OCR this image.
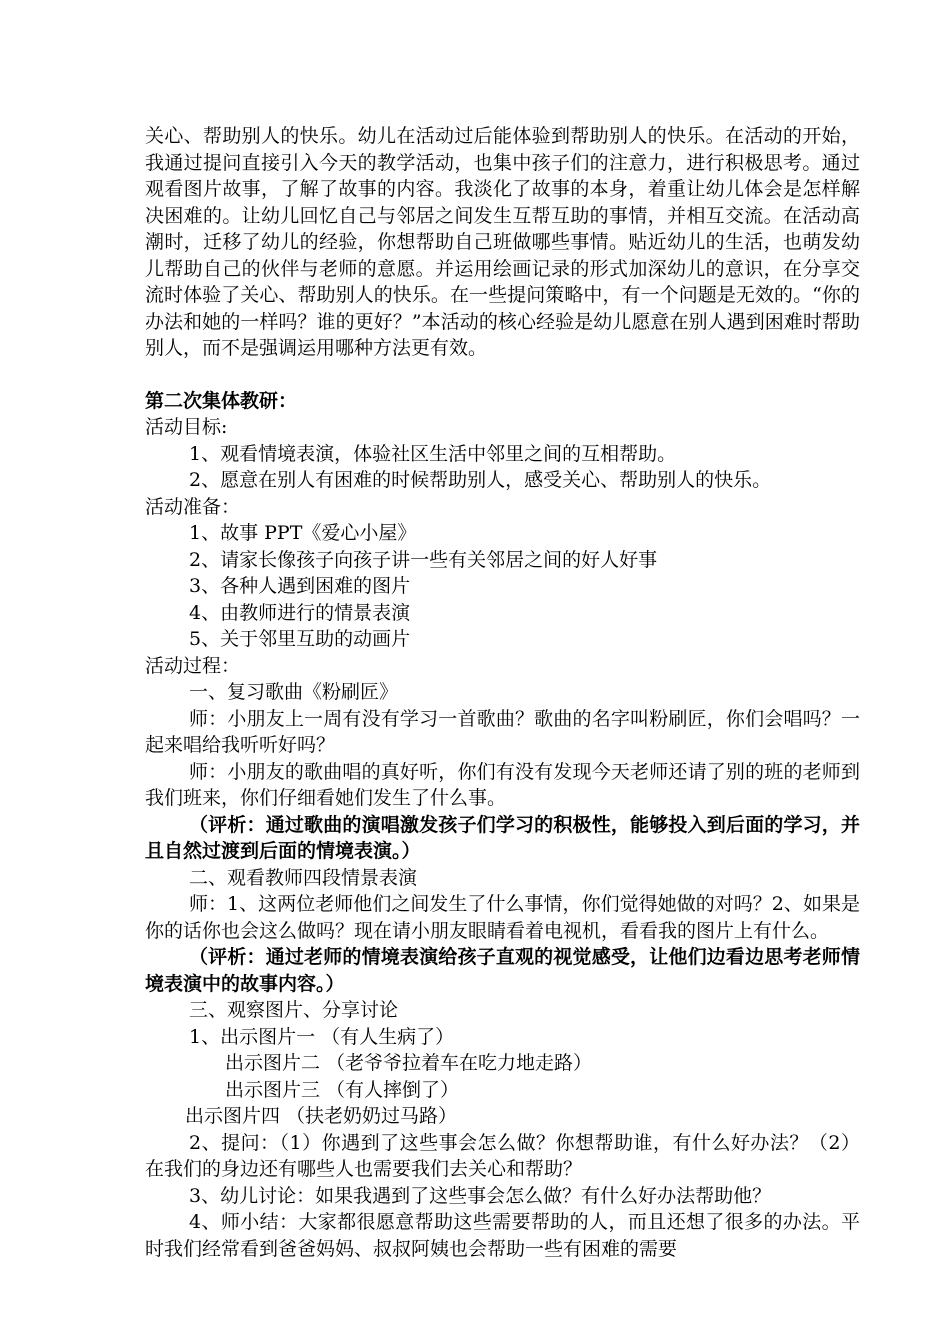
关心、帮助别人的快乐。幼儿在活动过后能体验到帮助别人的快乐。在活动的开始，我通过提问直接引入今天的教学活动，也集中孩子们的注意力，进行积极思考。通过观看图片故事，了解了故事的内容。我淡化了故事的本身，着重让幼儿体会是怎样解决困难的。让幼儿回忆自己与邻居之间发生互帮互助的事情，并相互交流。在活动高潮时，迁移了幼儿的经验，你想帮助自己班做哪些事情。贴近幼儿的生活，也萌发幼儿帮助自己的伙伴与老师的意愿。并运用绘画记录的形式加深幼儿的意识，在分享交流时体验了关心、帮助别人的快乐。在一些提问策略中，有一个问题是无效的。“你的办法和她的一样吗？谁的更好？”本活动的核心经验是幼儿愿意在别人遇到困难时帮助别人，而不是强调运用哪种方法更有效。

第二次集体教研：

活动目标:

1、观看情境表演，体验社区生活中邻里之间的互相帮助。

2、愿意在别人有困难的时候帮助别人，感受关心、帮助别人的快乐。

活动准备：

1、故事 PPT《爱心小屋》

2、请家长像孩子向孩子讲一些有关邻居之间的好人好事

3、各种人遇到困难的图片

4、由教师进行的情景表演

5、关于邻里互助的动画片

活动过程：

一、复习歌曲《粉刷匠》

师：小朋友上一周有没有学习一首歌曲？歌曲的名字叫粉刷匠，你们会唱吗？一起来唱给我听听好吗？

师：小朋友的歌曲唱的真好听，你们有没有发现今天老师还请了别的班的老师到我们班来，你们仔细看她们发生了什么事。

（评析：通过歌曲的演唱激发孩子们学习的积极性，能够投入到后面的学习，并且自然过渡到后面的情境表演。）

二、观看教师四段情景表演

师：1、这两位老师他们之间发生了什么事情，你们觉得她做的对吗？2、如果是你的话你也会这么做吗？现在请小朋友眼睛看着电视机，看看我的图片上有什么。

（评析：通过老师的情境表演给孩子直观的视觉感受，让他们边看边思考老师情境表演中的故事内容。）

三、观察图片、分享讨论

1、出示图片一 （有人生病了）

出示图片二 （老爷爷拉着车在吃力地走路）

出示图片三 （有人摔倒了）

出示图片四 （扶老奶奶过马路）

2、提问：（1）你遇到了这些事会怎么做？你想帮助谁，有什么好办法？（2） 在我们的身边还有哪些人也需要我们去关心和帮助？

3、幼儿讨论：如果我遇到了这些事会怎么做？有什么好办法帮助他？

4、师小结：大家都很愿意帮助这些需要帮助的人，而且还想了很多的办法。平时我们经常看到爸爸妈妈、叔叔阿姨也会帮助一些有困难的需要
